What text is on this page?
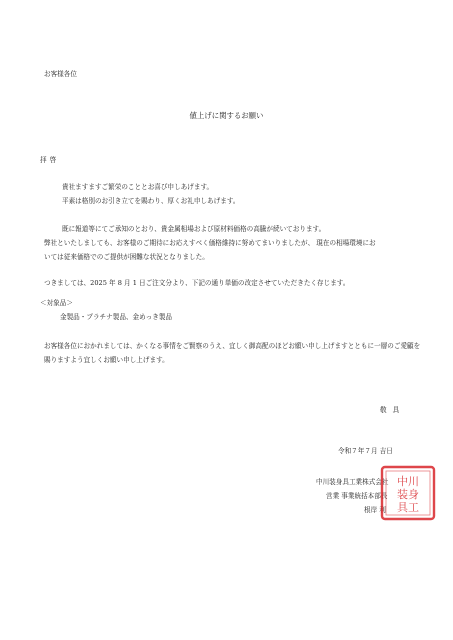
お客様各位
値上げに関するお願い
拝啓
貴社ますますご繁栄のこととお喜び申しあげます。
平素は格別のお引き立てを賜わり、厚くお礼申しあげます。
既に報道等にてご承知のとおり、貴金属相場および原材料価格の高騰が続いております。
弊社といたしましても、お客様のご期待にお応えすべく価格維持に努めてまいりましたが、 現在の相場環境にお
いては従来価格でのご提供が困難な状況となりました。
つきましては、2025 年 8 月 1 日ご注文分より、下記の通り単価の改定させていただきたく存じます。
＜対象品＞
金製品・プラチナ製品、金めっき製品
お客様各位におかれましては、かくなる事情をご賢察のうえ、宜しく御高配のほどお願い申し上げますとともに一層のご愛顧を賜りますよう宜しくお願い申し上げます。
敬具
令和７年７月 吉日
中川装身具工業株式会社
営業 事業統括本部長
根岸 利
中川
装身
具工
